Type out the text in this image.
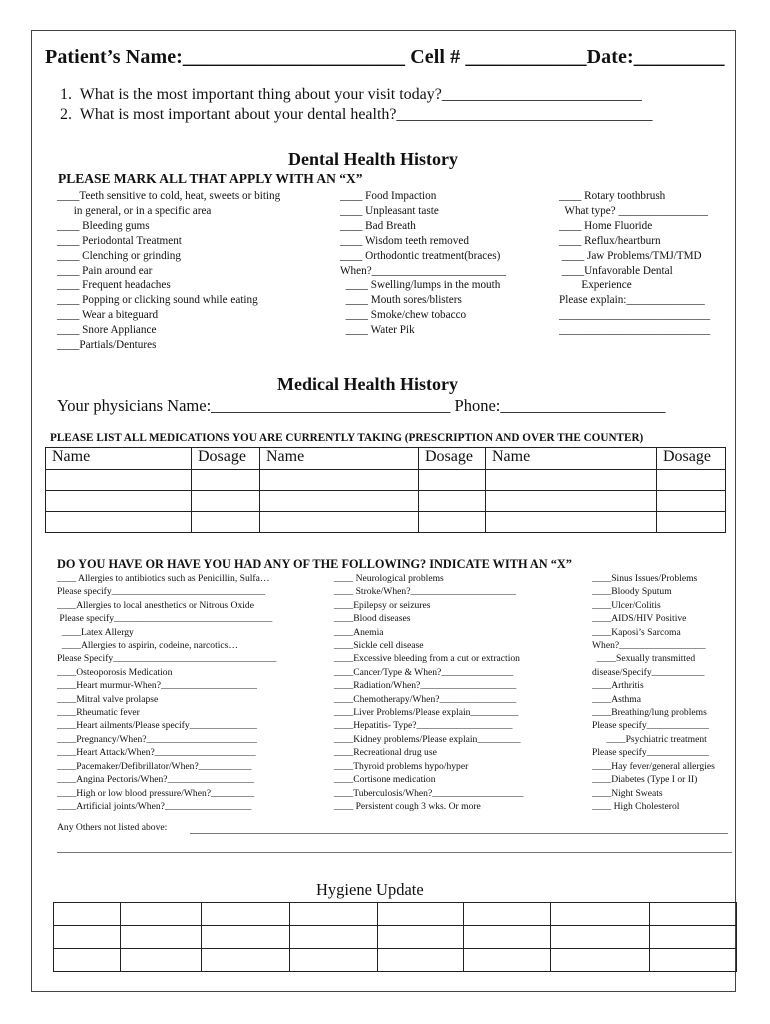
Patient’s Name:______________________ Cell # ____________Date:_________
1.  What is the most important thing about your visit today?_________________________
2.  What is most important about your dental health?________________________________
Dental Health History
PLEASE MARK ALL THAT APPLY WITH AN “X”
____Teeth sensitive to cold, heat, sweets or biting
in general, or in a specific area
____ Bleeding gums
____ Periodontal Treatment
____ Clenching or grinding
____ Pain around ear
____ Frequent headaches
____ Popping or clicking sound while eating
____ Wear a biteguard
____ Snore Appliance
____Partials/Dentures
____ Food Impaction
____ Unpleasant taste
____ Bad Breath
____ Wisdom teeth removed
____ Orthodontic treatment(braces)
When?________________________
____ Swelling/lumps in the mouth
____ Mouth sores/blisters
____ Smoke/chew tobacco
____ Water Pik
____ Rotary toothbrush
What type? ________________
____ Home Fluoride
____ Reflux/heartburn
____ Jaw Problems/TMJ/TMD
____Unfavorable Dental
Experience
Please explain:______________
___________________________
___________________________
Medical Health History
Your physicians Name:_____________________________ Phone:____________________
PLEASE LIST ALL MEDICATIONS YOU ARE CURRENTLY TAKING (PRESCRIPTION AND OVER THE COUNTER)
Name	Dosage	Name	Dosage	Name	Dosage

DO YOU HAVE OR HAVE YOU HAD ANY OF THE FOLLOWING? INDICATE WITH AN “X”
____ Allergies to antibiotics such as Penicillin, Sulfa…
Please specify________________________________
____Allergies to local anesthetics or Nitrous Oxide
Please specify_________________________________
____Latex Allergy
____Allergies to aspirin, codeine, narcotics…
Please Specify__________________________________
____Osteoporosis Medication
____Heart murmur-When?____________________
____Mitral valve prolapse
____Rheumatic fever
____Heart ailments/Please specify______________
____Pregnancy/When?_______________________
____Heart Attack/When?_____________________
____Pacemaker/Defibrillator/When?___________
____Angina Pectoris/When?__________________
____High or low blood pressure/When?_________
____Artificial joints/When?__________________
____ Neurological problems
____ Stroke/When?______________________
____Epilepsy or seizures
____Blood diseases
____Anemia
____Sickle cell disease
____Excessive bleeding from a cut or extraction
____Cancer/Type & When?_______________
____Radiation/When?____________________
____Chemotherapy/When?________________
____Liver Problems/Please explain__________
____Hepatitis- Type?____________________
____Kidney problems/Please explain_________
____Recreational drug use
____Thyroid problems hypo/hyper
____Cortisone medication
____Tuberculosis/When?___________________
____ Persistent cough 3 wks. Or more
____Sinus Issues/Problems
____Bloody Sputum
____Ulcer/Colitis
____AIDS/HIV Positive
____Kaposi’s Sarcoma
When?__________________
____Sexually transmitted
disease/Specify___________
____Arthritis
____Asthma
____Breathing/lung problems
Please specify_____________
____Psychiatric treatment
Please specify_____________
____Hay fever/general allergies
____Diabetes (Type I or II)
____Night Sweats
____ High Cholesterol
Any Others not listed above:
Hygiene Update
